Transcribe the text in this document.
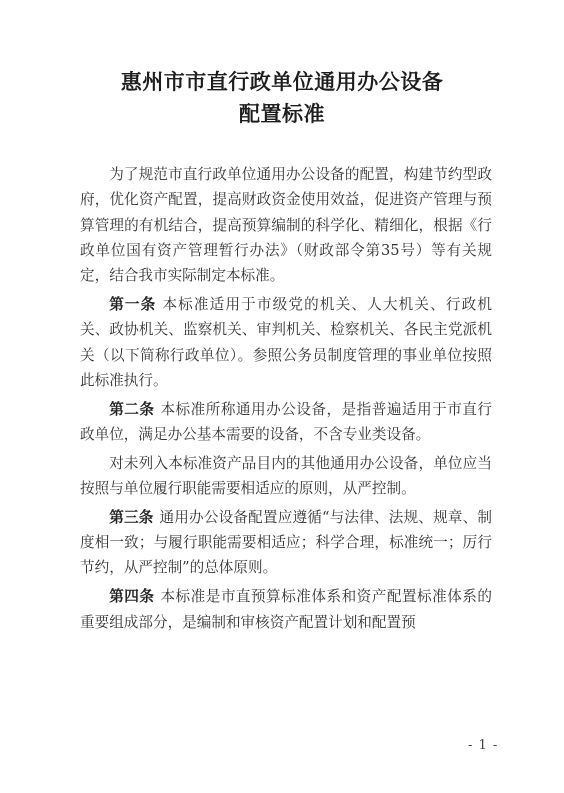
惠州市市直行政单位通用办公设备
配置标准

为了规范市直行政单位通用办公设备的配置，构建节约型政府，优化资产配置，提高财政资金使用效益，促进资产管理与预算管理的有机结合，提高预算编制的科学化、精细化，根据《行政单位国有资产管理暂行办法》（财政部令第35号）等有关规定，结合我市实际制定本标准。

第一条 本标准适用于市级党的机关、人大机关、行政机关、政协机关、监察机关、审判机关、检察机关、各民主党派机关（以下简称行政单位）。参照公务员制度管理的事业单位按照此标准执行。

第二条 本标准所称通用办公设备，是指普遍适用于市直行政单位，满足办公基本需要的设备，不含专业类设备。

对未列入本标准资产品目内的其他通用办公设备，单位应当按照与单位履行职能需要相适应的原则，从严控制。

第三条 通用办公设备配置应遵循“与法律、法规、规章、制度相一致；与履行职能需要相适应；科学合理，标准统一；厉行节约，从严控制”的总体原则。

第四条 本标准是市直预算标准体系和资产配置标准体系的重要组成部分，是编制和审核资产配置计划和配置预

- 1 -
